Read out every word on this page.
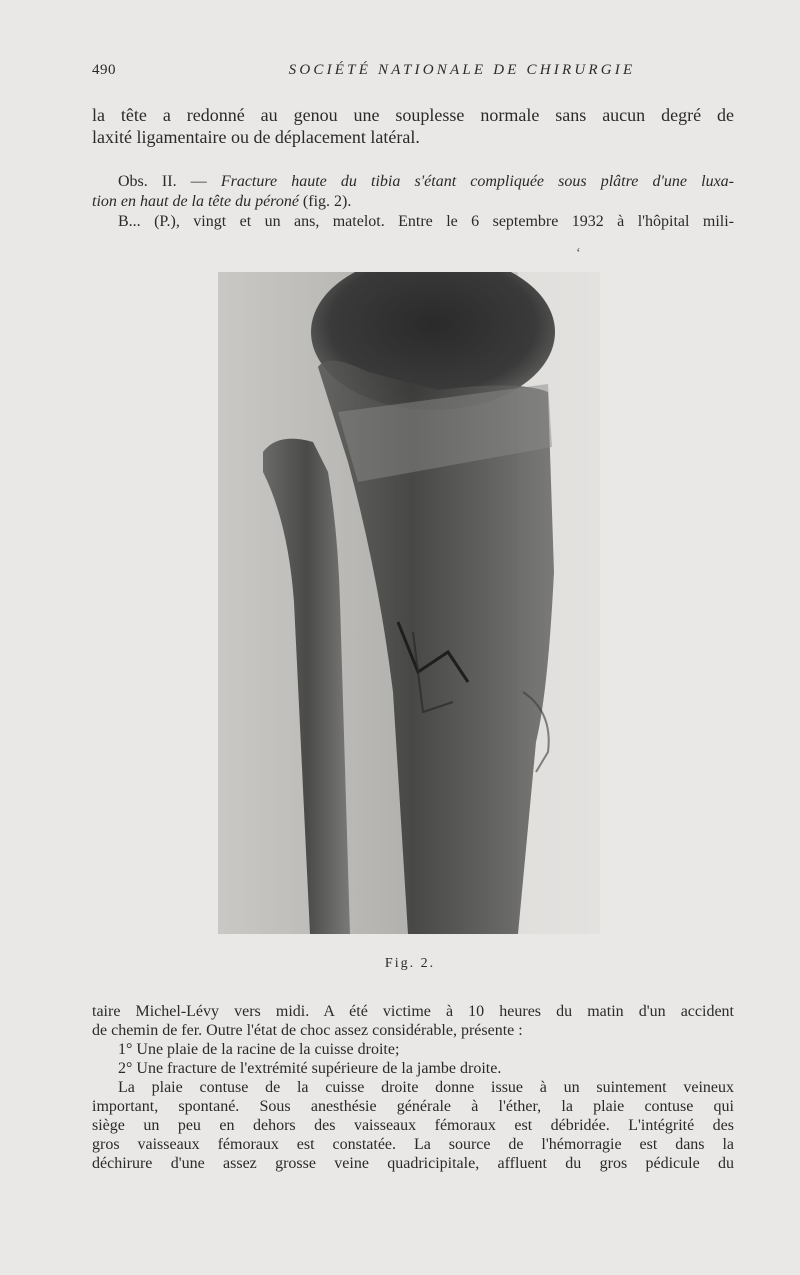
490	SOCIÉTÉ NATIONALE DE CHIRURGIE
la tête a redonné au genou une souplesse normale sans aucun degré de
laxité ligamentaire ou de déplacement latéral.
Obs. II. — Fracture haute du tibia s'étant compliquée sous plâtre d'une luxa-
tion en haut de la tête du péroné (fig. 2).
B... (P.), vingt et un ans, matelot. Entre le 6 septembre 1932 à l'hôpital mili-
ʻ
Fig. 2.
taire Michel-Lévy vers midi. A été victime à 10 heures du matin d'un accident
de chemin de fer. Outre l'état de choc assez considérable, présente :
1° Une plaie de la racine de la cuisse droite;
2° Une fracture de l'extrémité supérieure de la jambe droite.
La plaie contuse de la cuisse droite donne issue à un suintement veineux
important, spontané. Sous anesthésie générale à l'éther, la plaie contuse qui
siège un peu en dehors des vaisseaux fémoraux est débridée. L'intégrité des
gros vaisseaux fémoraux est constatée. La source de l'hémorragie est dans la
déchirure d'une assez grosse veine quadricipitale, affluent du gros pédicule du
